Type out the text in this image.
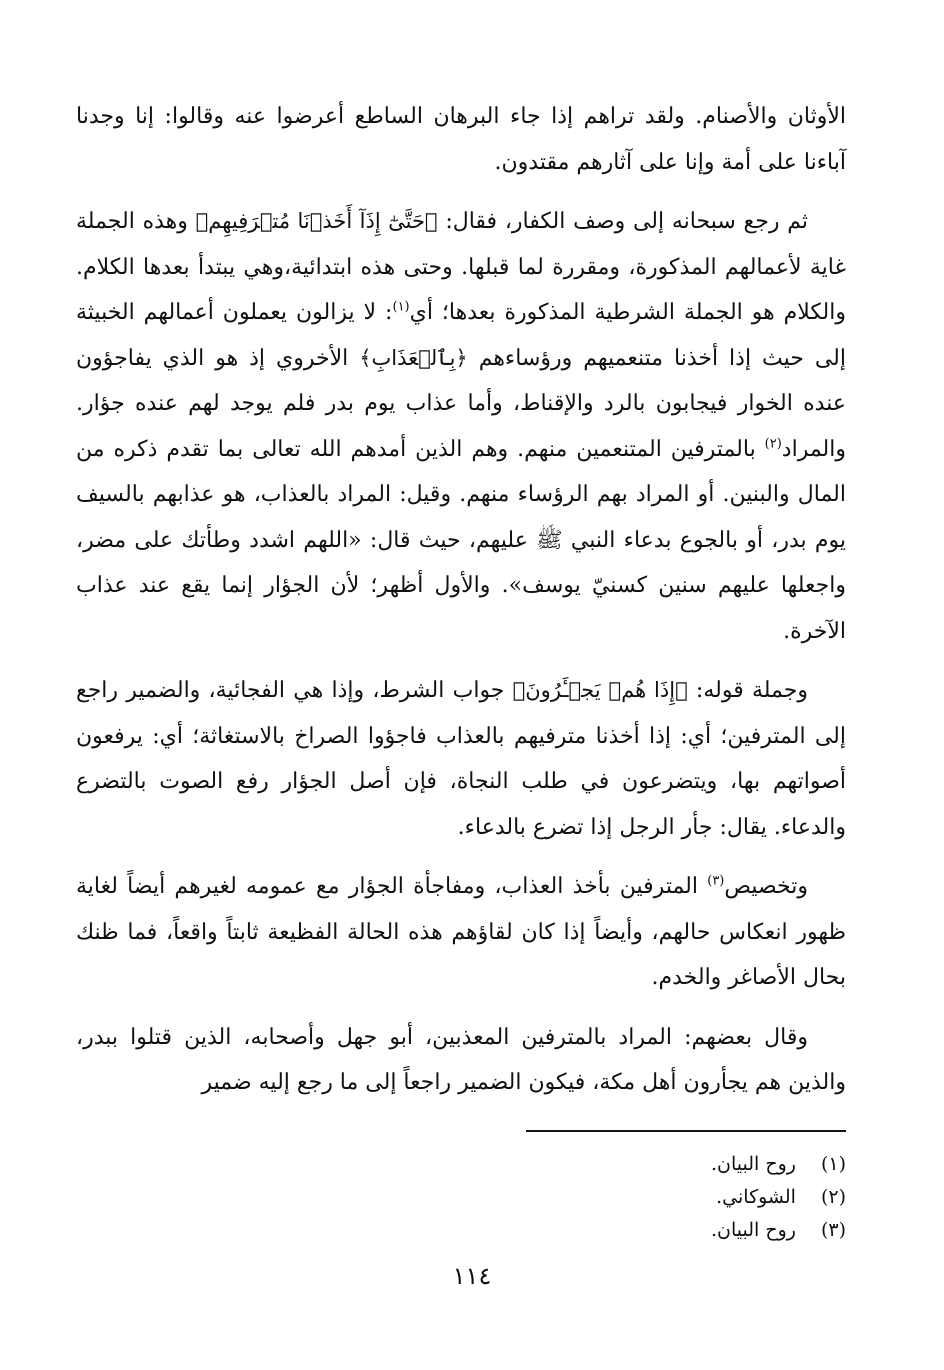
الأوثان والأصنام. ولقد تراهم إذا جاء البرهان الساطع أعرضوا عنه وقالوا: إنا وجدنا آباءنا على أمة وإنا على آثارهم مقتدون.

ثم رجع سبحانه إلى وصف الكفار، فقال: ﴿حَتَّىٰٓ إِذَآ أَخَذۡنَا مُتۡرَفِيهِم﴾ وهذه الجملة غاية لأعمالهم المذكورة، ومقررة لما قبلها. وحتى هذه ابتدائية،وهي يبتدأ بعدها الكلام. والكلام هو الجملة الشرطية المذكورة بعدها؛ أي$^{(١)}$: لا يزالون يعملون أعمالهم الخبيثة إلى حيث إذا أخذنا متنعميهم ورؤساءهم ﴿بِٱلۡعَذَابِ﴾ الأخروي إذ هو الذي يفاجؤون عنده الخوار فيجابون بالرد والإقناط، وأما عذاب يوم بدر فلم يوجد لهم عنده جؤار. والمراد$^{(٢)}$ بالمترفين المتنعمين منهم. وهم الذين أمدهم الله تعالى بما تقدم ذكره من المال والبنين. أو المراد بهم الرؤساء منهم. وقيل: المراد بالعذاب، هو عذابهم بالسيف يوم بدر، أو بالجوع بدعاء النبي ﷺ عليهم، حيث قال: «اللهم اشدد وطأتك على مضر، واجعلها عليهم سنين كسنيّ يوسف». والأول أظهر؛ لأن الجؤار إنما يقع عند عذاب الآخرة.

وجملة قوله: ﴿إِذَا هُمۡ يَجۡـَٔرُونَ﴾ جواب الشرط، وإذا هي الفجائية، والضمير راجع إلى المترفين؛ أي: إذا أخذنا مترفيهم بالعذاب فاجؤوا الصراخ بالاستغاثة؛ أي: يرفعون أصواتهم بها، ويتضرعون في طلب النجاة، فإن أصل الجؤار رفع الصوت بالتضرع والدعاء. يقال: جأر الرجل إذا تضرع بالدعاء.

وتخصيص$^{(٣)}$ المترفين بأخذ العذاب، ومفاجأة الجؤار مع عمومه لغيرهم أيضاً لغاية ظهور انعكاس حالهم، وأيضاً إذا كان لقاؤهم هذه الحالة الفظيعة ثابتاً واقعاً، فما ظنك بحال الأصاغر والخدم.

وقال بعضهم: المراد بالمترفين المعذبين، أبو جهل وأصحابه، الذين قتلوا ببدر، والذين هم يجأرون أهل مكة، فيكون الضمير راجعاً إلى ما رجع إليه ضمير

(١) روح البيان.
(٢) الشوكاني.
(٣) روح البيان.
١١٤
